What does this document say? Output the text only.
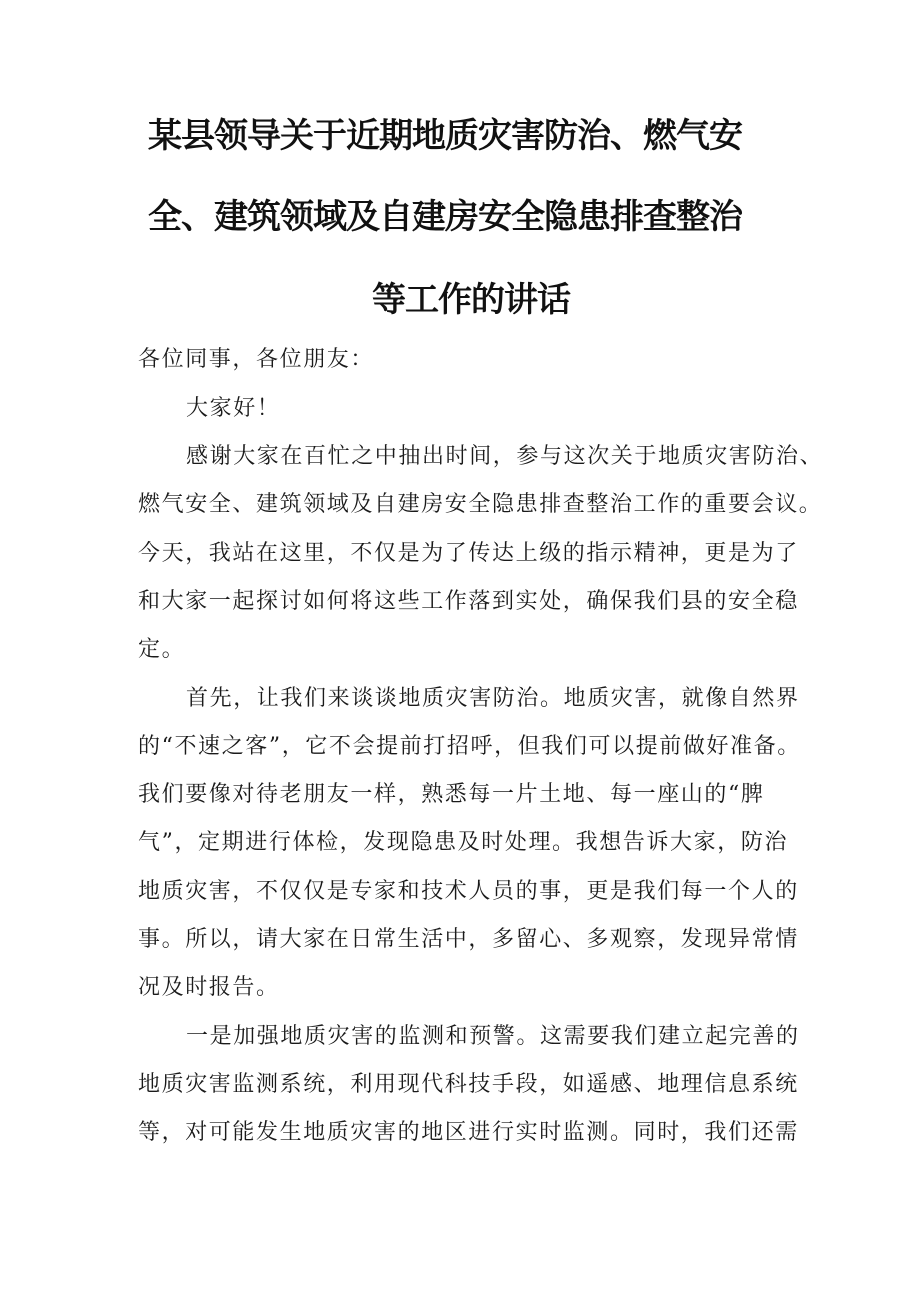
某县领导关于近期地质灾害防治、燃气安
全、建筑领域及自建房安全隐患排查整治
等工作的讲话
各位同事，各位朋友：
大家好！
感谢大家在百忙之中抽出时间，参与这次关于地质灾害防治、
燃气安全、建筑领域及自建房安全隐患排查整治工作的重要会议。
今天，我站在这里，不仅是为了传达上级的指示精神，更是为了
和大家一起探讨如何将这些工作落到实处，确保我们县的安全稳
定。
首先，让我们来谈谈地质灾害防治。地质灾害，就像自然界
的“不速之客”，它不会提前打招呼，但我们可以提前做好准备。
我们要像对待老朋友一样，熟悉每一片土地、每一座山的“脾
气”，定期进行体检，发现隐患及时处理。我想告诉大家，防治
地质灾害，不仅仅是专家和技术人员的事，更是我们每一个人的
事。所以，请大家在日常生活中，多留心、多观察，发现异常情
况及时报告。
一是加强地质灾害的监测和预警。这需要我们建立起完善的
地质灾害监测系统，利用现代科技手段，如遥感、地理信息系统
等，对可能发生地质灾害的地区进行实时监测。同时，我们还需
